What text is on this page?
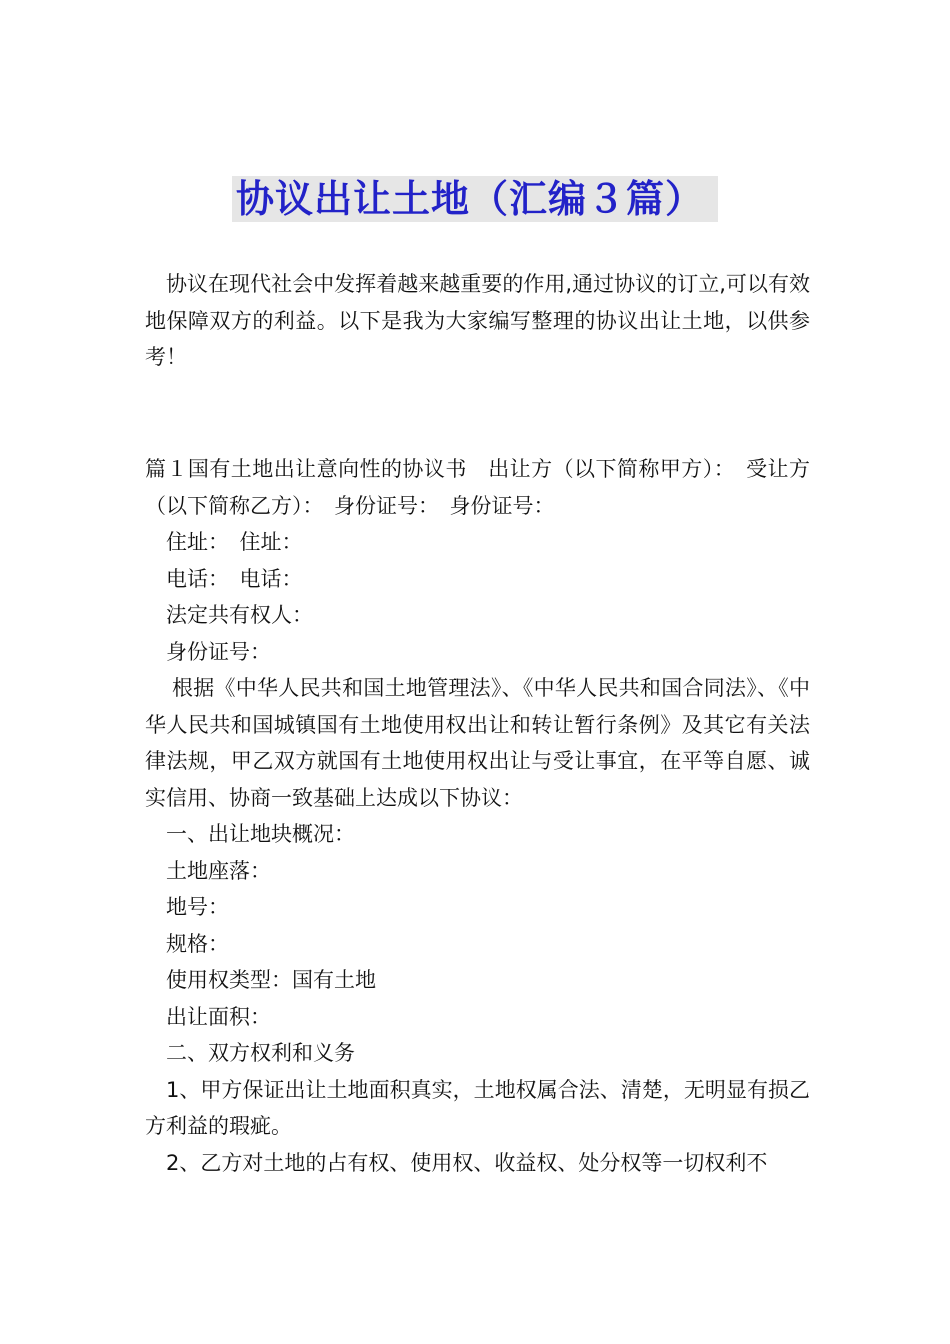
协议出让土地（汇编３篇）

协议在现代社会中发挥着越来越重要的作用,通过协议的订立,可以有效地保障双方的利益。以下是我为大家编写整理的协议出让土地，以供参考！

篇１国有土地出让意向性的协议书　出让方（以下简称甲方）：　受让方（以下简称乙方）：　身份证号：　身份证号：

住址：　住址：

电话：　电话：

法定共有权人：

身份证号：

根据《中华人民共和国土地管理法》、《中华人民共和国合同法》、《中华人民共和国城镇国有土地使用权出让和转让暂行条例》及其它有关法律法规，甲乙双方就国有土地使用权出让与受让事宜，在平等自愿、诚实信用、协商一致基础上达成以下协议：

一、出让地块概况：

土地座落：

地号：

规格：

使用权类型：国有土地

出让面积：

二、双方权利和义务

1、甲方保证出让土地面积真实，土地权属合法、清楚，无明显有损乙方利益的瑕疵。

2、乙方对土地的占有权、使用权、收益权、处分权等一切权利不
